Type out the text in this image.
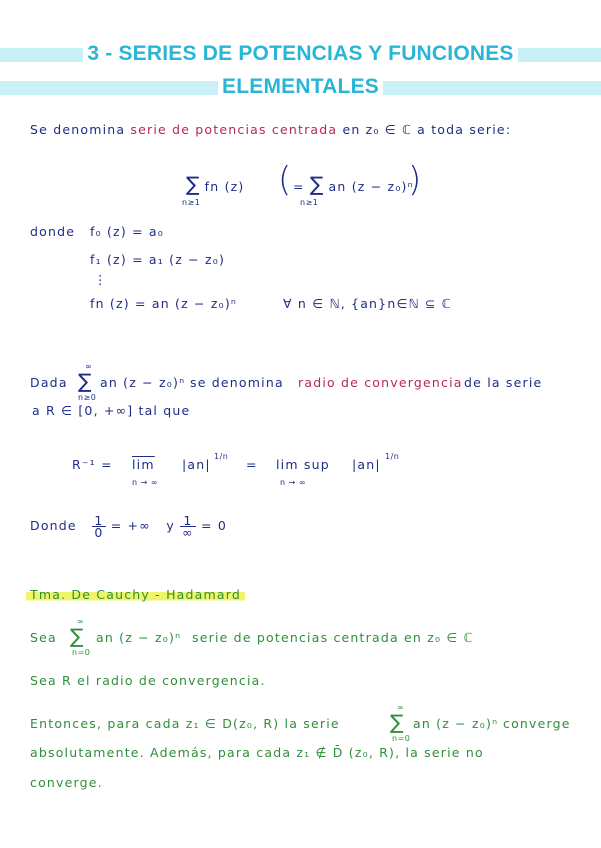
3 - SERIES DE POTENCIAS Y FUNCIONES
ELEMENTALES
Se denomina serie de potencias centrada en z₀ ∈ ℂ a toda serie:
∑ fn (z)
n≥1
( = ∑ an (z − z₀)ⁿ
n≥1
)
donde f₀ (z) = a₀
f₁ (z) = a₁ (z − z₀)
⋮
fn (z) = an (z − z₀)ⁿ	∀ n ∈ ℕ, {an}n∈ℕ ⊆ ℂ
Dada
∞
∑
n≥0
an (z − z₀)ⁿ se denomina radio de convergencia de la serie
a R ∈ [0, +∞] tal que
$R^{-1} = \overline{lim}$
n → ∞
|an|
1/n
= lim sup
n → ∞
|an|
1/n
Donde $\frac{1}{0}$ = +∞ y $\frac{1}{\infty} = 0$
Tma. De Cauchy - Hadamard
Sea
∞
∑
n=0
an (z − z₀)ⁿ serie de potencias centrada en z₀ ∈ ℂ
Sea R el radio de convergencia.
Entonces, para cada z₁ ∈ D(z₀, R) la serie
∞
∑
n=0
an (z − z₀)ⁿ converge
absolutamente. Además, para cada z₁ ∉ D̄ (z₀, R), la serie no
converge.
